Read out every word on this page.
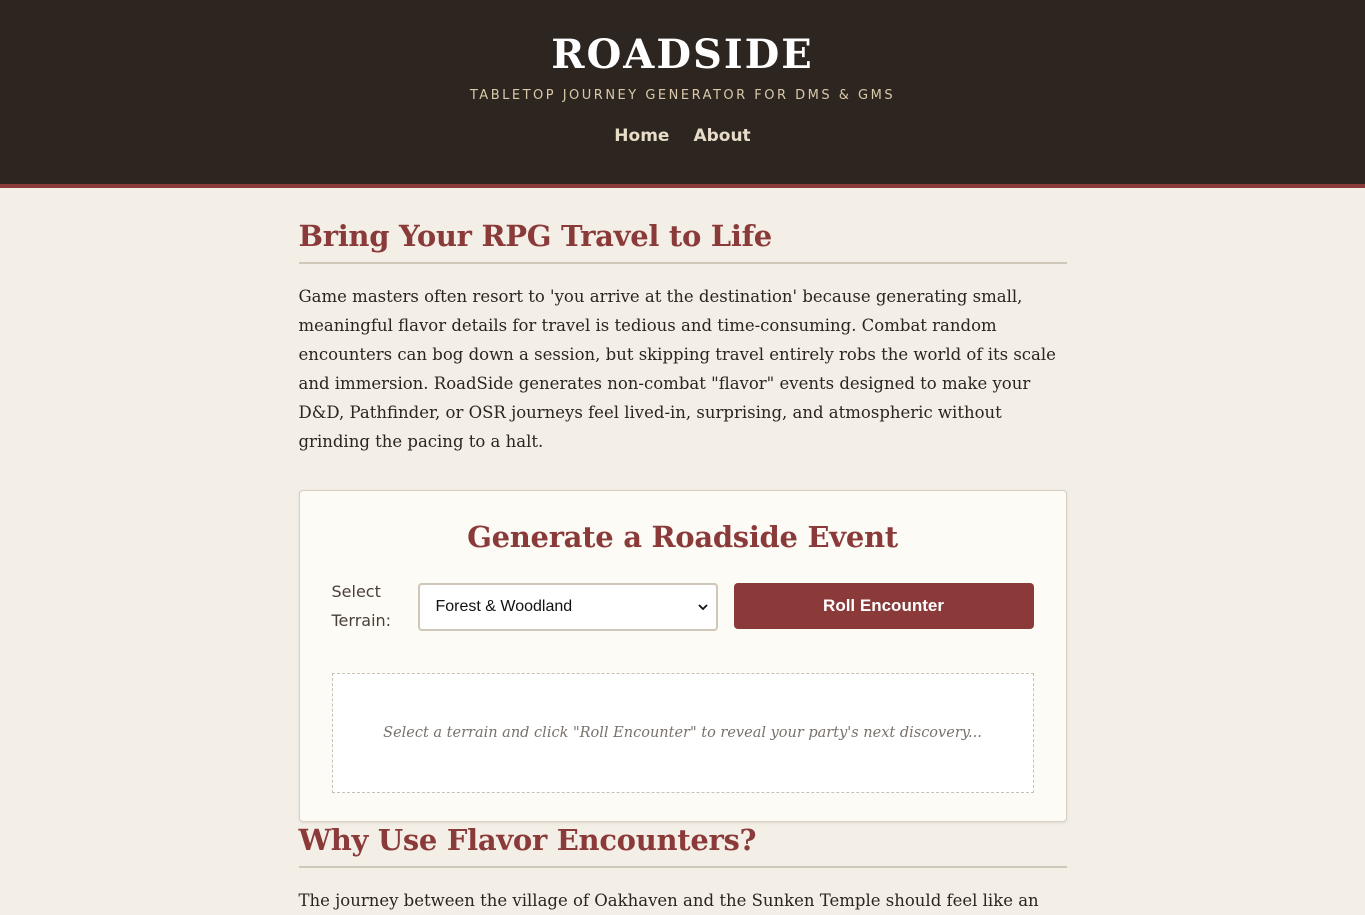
ROADSIDE
TABLETOP JOURNEY GENERATOR FOR DMS & GMS
Home About
Bring Your RPG Travel to Life

Game masters often resort to 'you arrive at the destination' because generating small, meaningful flavor details for travel is tedious and time-consuming. Combat random encounters can bog down a session, but skipping travel entirely robs the world of its scale and immersion. RoadSide generates non-combat "flavor" events designed to make your D&D, Pathfinder, or OSR journeys feel lived-in, surprising, and atmospheric without grinding the pacing to a halt.

Generate a Roadside Event
Select Terrain:
Forest & Woodland	Roll Encounter
Select a terrain and click "Roll Encounter" to reveal your party's next discovery...
Why Use Flavor Encounters?

The journey between the village of Oakhaven and the Sunken Temple should feel like an
